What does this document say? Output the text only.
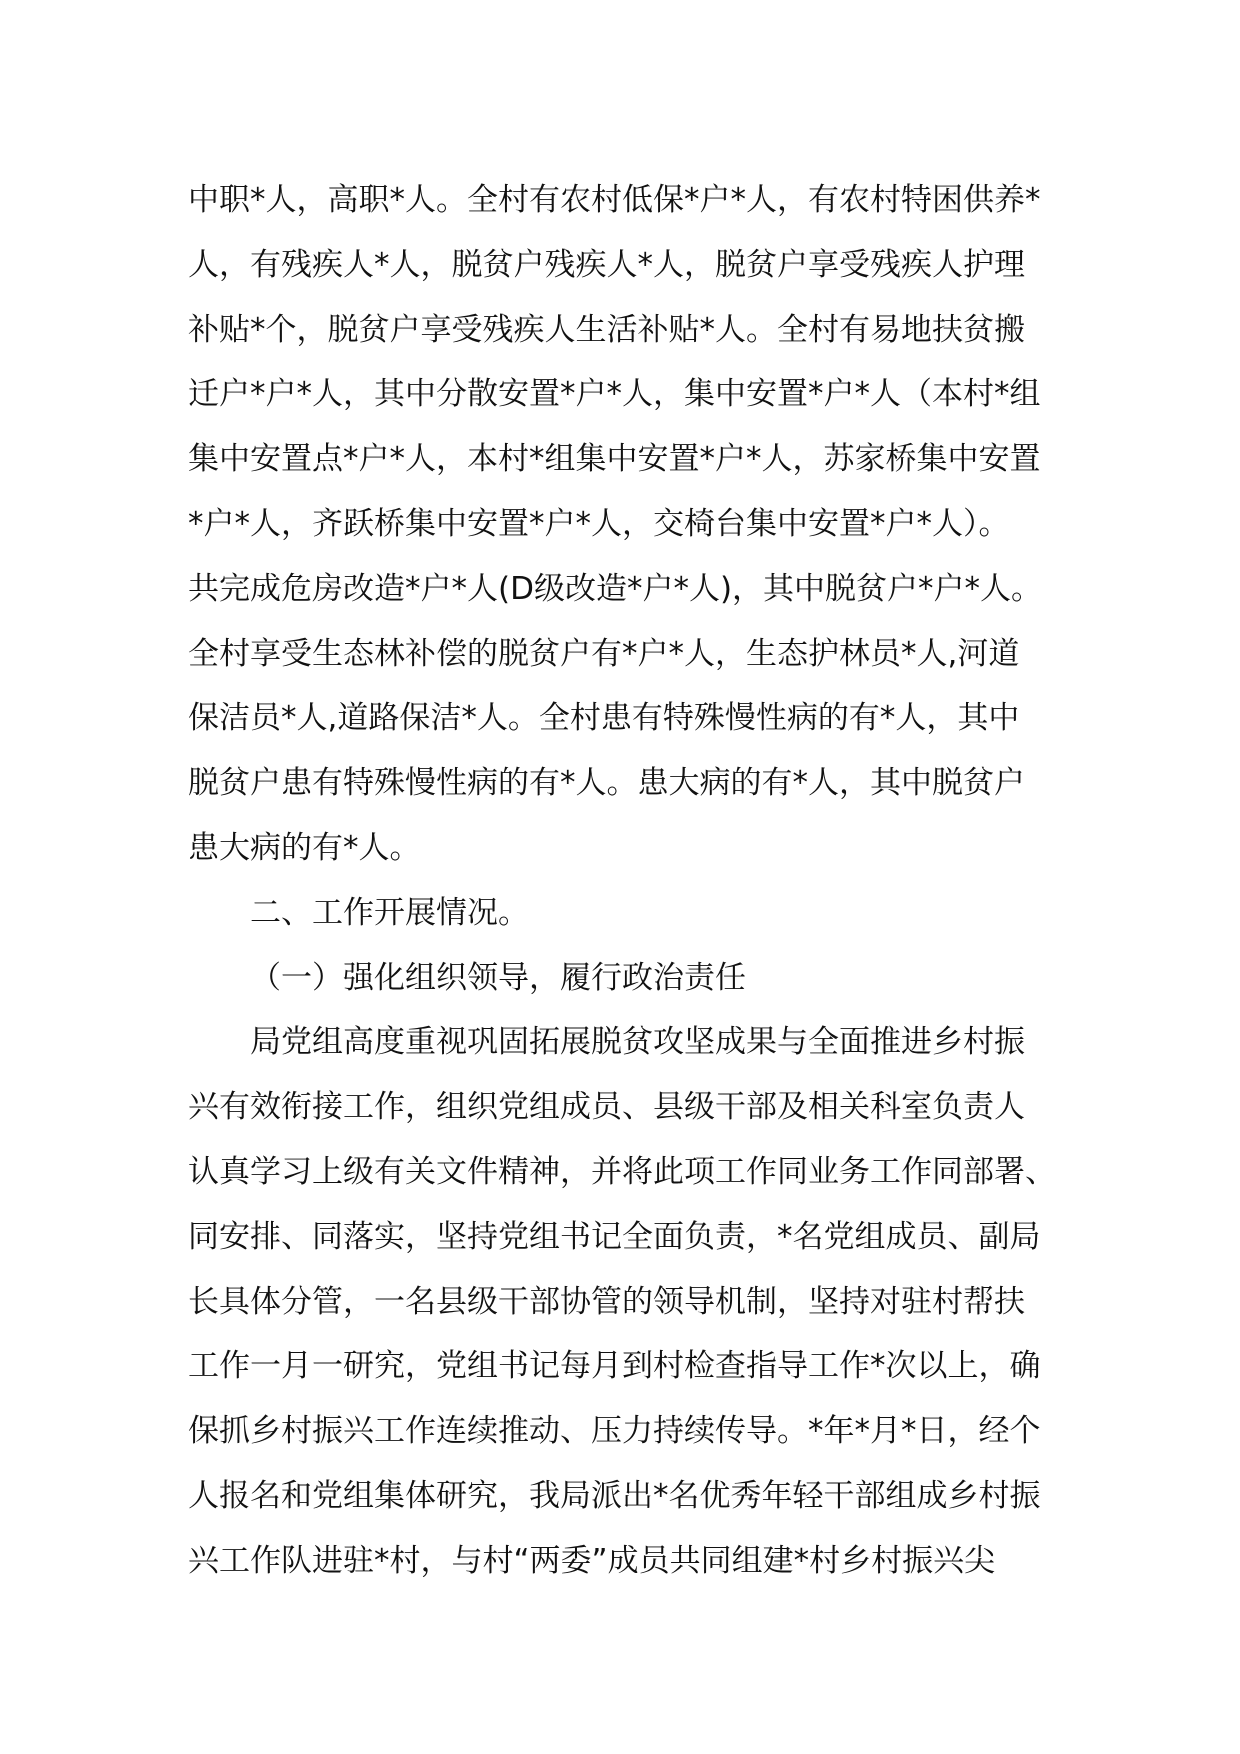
中职*人，高职*人。全村有农村低保*户*人，有农村特困供养*
人，有残疾人*人，脱贫户残疾人*人，脱贫户享受残疾人护理
补贴*个，脱贫户享受残疾人生活补贴*人。全村有易地扶贫搬
迁户*户*人，其中分散安置*户*人，集中安置*户*人（本村*组
集中安置点*户*人，本村*组集中安置*户*人，苏家桥集中安置
*户*人，齐跃桥集中安置*户*人，交椅台集中安置*户*人）。
共完成危房改造*户*人(D级改造*户*人)，其中脱贫户*户*人。
全村享受生态林补偿的脱贫户有*户*人，生态护林员*人,河道
保洁员*人,道路保洁*人。全村患有特殊慢性病的有*人，其中
脱贫户患有特殊慢性病的有*人。患大病的有*人，其中脱贫户
患大病的有*人。
二、工作开展情况。
（一）强化组织领导，履行政治责任
局党组高度重视巩固拓展脱贫攻坚成果与全面推进乡村振
兴有效衔接工作，组织党组成员、县级干部及相关科室负责人
认真学习上级有关文件精神，并将此项工作同业务工作同部署、
同安排、同落实，坚持党组书记全面负责，*名党组成员、副局
长具体分管，一名县级干部协管的领导机制，坚持对驻村帮扶
工作一月一研究，党组书记每月到村检查指导工作*次以上，确
保抓乡村振兴工作连续推动、压力持续传导。*年*月*日，经个
人报名和党组集体研究，我局派出*名优秀年轻干部组成乡村振
兴工作队进驻*村，与村“两委”成员共同组建*村乡村振兴尖
